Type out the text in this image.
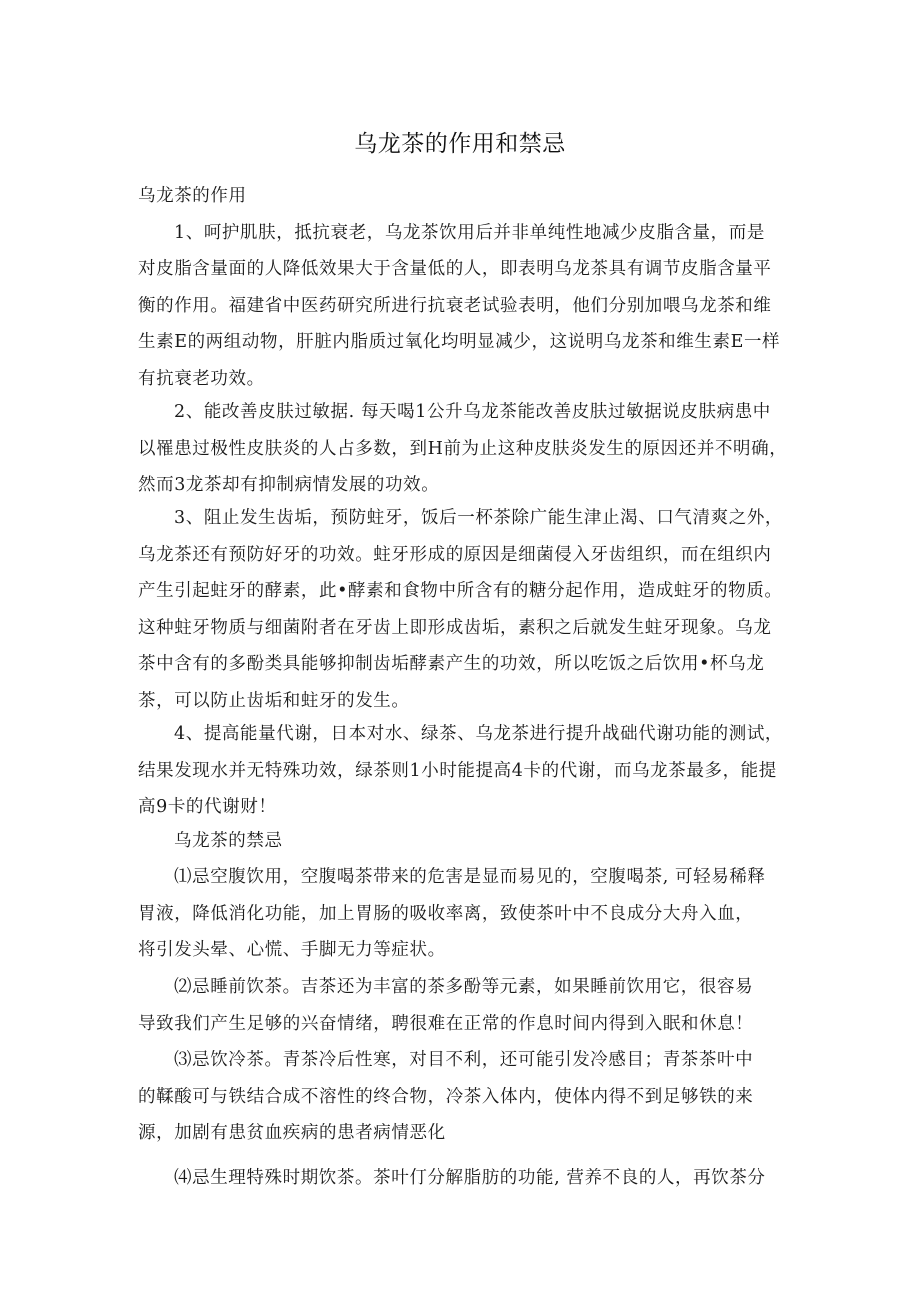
乌龙茶的作用和禁忌
乌龙茶的作用
1、呵护肌肤，抵抗衰老，乌龙茶饮用后并非单纯性地减少皮脂含量，而是
对皮脂含量面的人降低效果大于含量低的人，即表明乌龙茶具有调节皮脂含量平
衡的作用。福建省中医药研究所进行抗衰老试验表明，他们分别加喂乌龙茶和维
生素E的两组动物，肝脏内脂质过氧化均明显减少，这说明乌龙茶和维生素E一样
有抗衰老功效。
2、能改善皮肤过敏据. 每天喝1公升乌龙茶能改善皮肤过敏据说皮肤病患中
以罹患过极性皮肤炎的人占多数，到H前为止这种皮肤炎发生的原因还并不明确，
然而3龙茶却有抑制病情发展的功效。
3、阻止发生齿垢，预防蛀牙，饭后一杯茶除广能生津止渴、口气清爽之外，
乌龙茶还有预防好牙的功效。蛀牙形成的原因是细菌侵入牙齿组织，而在组织内
产生引起蛀牙的酵素，此•酵素和食物中所含有的糖分起作用，造成蛀牙的物质。
这种蛀牙物质与细菌附者在牙齿上即形成齿垢，素积之后就发生蛀牙现象。乌龙
茶中含有的多酚类具能够抑制齿垢酵素产生的功效，所以吃饭之后饮用•杯乌龙
茶，可以防止齿垢和蛀牙的发生。
4、提高能量代谢，日本对水、绿茶、乌龙茶进行提升战础代谢功能的测试，
结果发现水并无特殊功效，绿茶则1小时能提高4卡的代谢，而乌龙茶最多，能提
高9卡的代谢财！
乌龙茶的禁忌
⑴忌空腹饮用，空腹喝茶带来的危害是显而易见的，空腹喝茶, 可轻易稀释
胃液，降低消化功能，加上胃肠的吸收率离，致使茶叶中不良成分大舟入血，
将引发头晕、心慌、手脚无力等症状。
⑵忌睡前饮茶。吉茶还为丰富的茶多酚等元素，如果睡前饮用它，很容易
导致我们产生足够的兴奋情绪，聘很难在正常的作息时间内得到入眠和休息！
⑶忌饮冷茶。青茶冷后性寒，对目不利，还可能引发冷感目；青茶茶叶中
的鞣酸可与铁结合成不溶性的终合物，冷茶入体内，使体内得不到足够铁的来
源，加剧有患贫血疾病的患者病情恶化
⑷忌生理特殊时期饮茶。茶叶仃分解脂肪的功能, 营养不良的人，再饮茶分
